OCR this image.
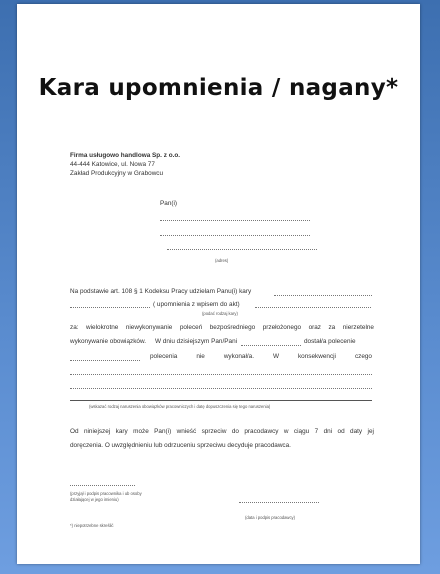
Kara upomnienia / nagany*
Firma usługowo handlowa Sp. z o.o.
44-444 Katowice, ul. Nowa 77
Zakład Produkcyjny w Grabowcu
Pan(i)
(adres)
Na podstawie art. 108 § 1 Kodeksu Pracy udzielam Panu(i) kary
( upomnienia z wpisem do akt)
(podać rodzaj kary)
za: wielokrotne niewykonywanie poleceń bezpośredniego przełożonego oraz za nierzetelne
wykonywanie obowiązków. W dniu dzisiejszym Pan/Pani	dostał/a polecenie
polecenia	nie	wykonał/a.	W	konsekwencji	czego
(wskazać rodzaj naruszenia obowiązków pracowniczych i datę dopuszczenia się tego naruszenia)
Od niniejszej kary może Pan(i) wnieść sprzeciw do pracodawcy w ciągu 7 dni od daty jej
doręczenia. O uwzględnieniu lub odrzuceniu sprzeciwu decyduje pracodawca.
(przyjął i podpis pracownika i ub osoby
działającej w jego imieniu)
(data i podpis pracodawcy)
*) niepotrzebne skreślić
